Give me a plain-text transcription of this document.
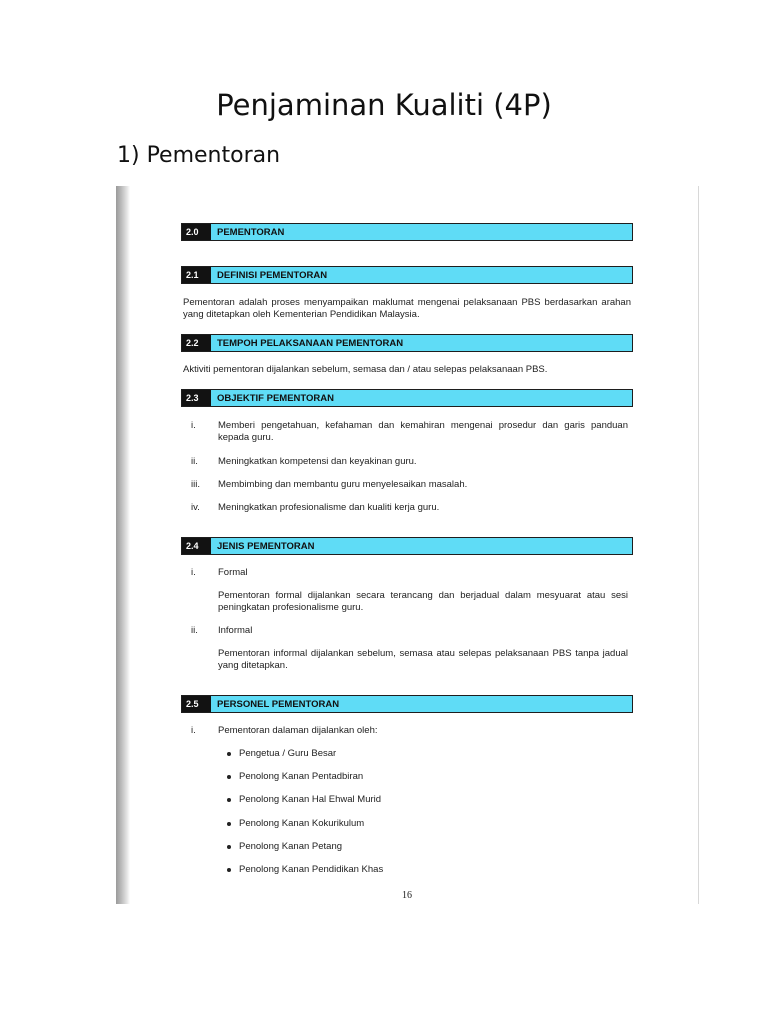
Penjaminan Kualiti (4P)
1) Pementoran
2.0	PEMENTORAN
2.1	DEFINISI PEMENTORAN
Pementoran adalah proses menyampaikan maklumat mengenai pelaksanaan PBS berdasarkan arahan yang ditetapkan oleh Kementerian Pendidikan Malaysia.
2.2	TEMPOH PELAKSANAAN PEMENTORAN
Aktiviti pementoran dijalankan sebelum, semasa dan / atau selepas pelaksanaan PBS.
2.3	OBJEKTIF PEMENTORAN
i.	Memberi pengetahuan, kefahaman dan kemahiran mengenai prosedur dan garis panduan kepada guru.
ii.	Meningkatkan kompetensi dan keyakinan guru.
iii.	Membimbing dan membantu guru menyelesaikan masalah.
iv.	Meningkatkan profesionalisme dan kualiti kerja guru.
2.4	JENIS PEMENTORAN
i.	Formal
Pementoran formal dijalankan secara terancang dan berjadual dalam mesyuarat atau sesi peningkatan profesionalisme guru.
ii.	Informal
Pementoran informal dijalankan sebelum, semasa atau selepas pelaksanaan PBS tanpa jadual yang ditetapkan.
2.5	PERSONEL PEMENTORAN
i.	Pementoran dalaman dijalankan oleh:
Pengetua / Guru Besar
Penolong Kanan Pentadbiran
Penolong Kanan Hal Ehwal Murid
Penolong Kanan Kokurikulum
Penolong Kanan Petang
Penolong Kanan Pendidikan Khas
16
